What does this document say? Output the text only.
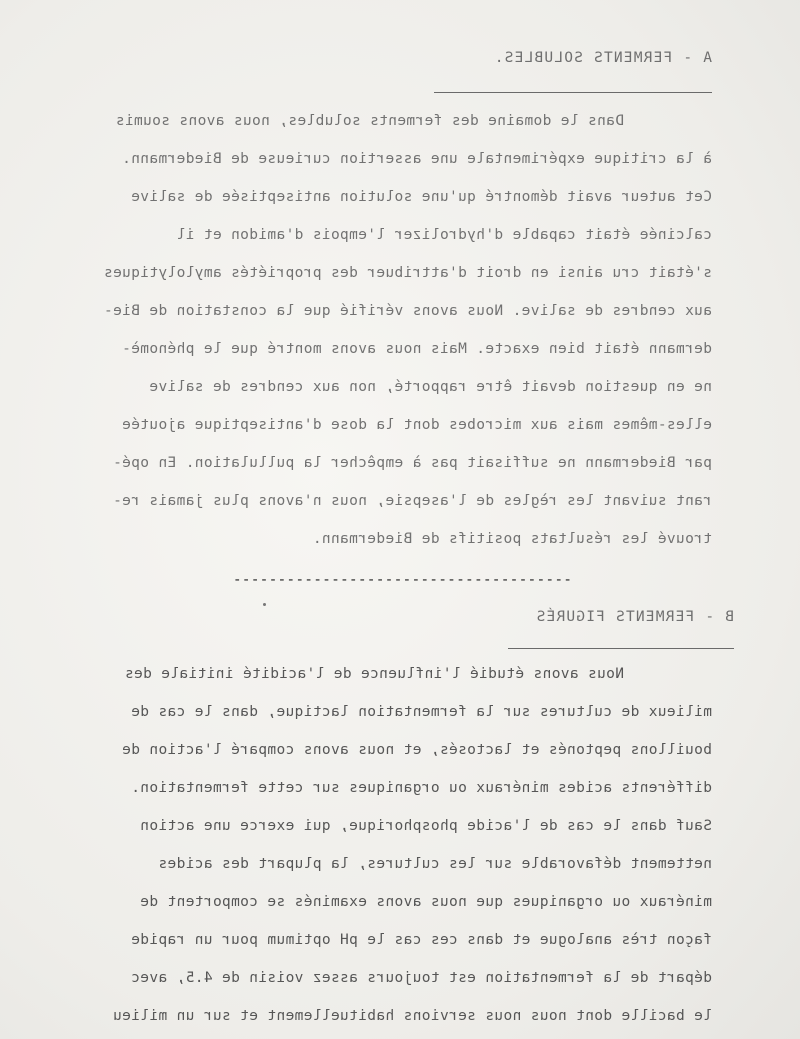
A - FERMENTS SOLUBLES.
Dans le domaine des ferments solubles, nous avons soumis
à la critique expérimentale une assertion curieuse de Biedermann.
Cet auteur avait démontré qu'une solution antiseptisée de salive
calcinée était capable d'hydrolizer l'empois d'amidon et il
s'était cru ainsi en droit d'attribuer des propriétés amylolytiques
aux cendres de salive. Nous avons vérifié que la constation de Bie-
dermann était bien exacte. Mais nous avons montré que le phénomè-
ne en question devait être rapporté, non aux cendres de salive
elles-mêmes mais aux microbes dont la dose d'antiseptique ajoutée
par Biedermann ne suffisait pas à empêcher la pullulation. En opé-
rant suivant les règles de l'asepsie, nous n'avons plus jamais re-
trouvé les résultats positifs de Biedermann.
--------------------------------------
B - FERMENTS FIGURÉS
Nous avons étudié l'influence de l'acidité initiale des
milieux de cultures sur la fermentation lactique, dans le cas de
bouillons peptonés et lactosés, et nous avons comparé l'action de
différents acides minéraux ou organiques sur cette fermentation.
Sauf dans le cas de l'acide phosphorique, qui exerce une action
nettement défavorable sur les cultures, la plupart des acides
minéraux ou organiques que nous avons examinés se comportent de
façon très analogue et dans ces cas le pH optimum pour un rapide
départ de la fermentation est toujours assez voisin de 4.5, avec
le bacille dont nous nous servions habituellement et sur un milieu
